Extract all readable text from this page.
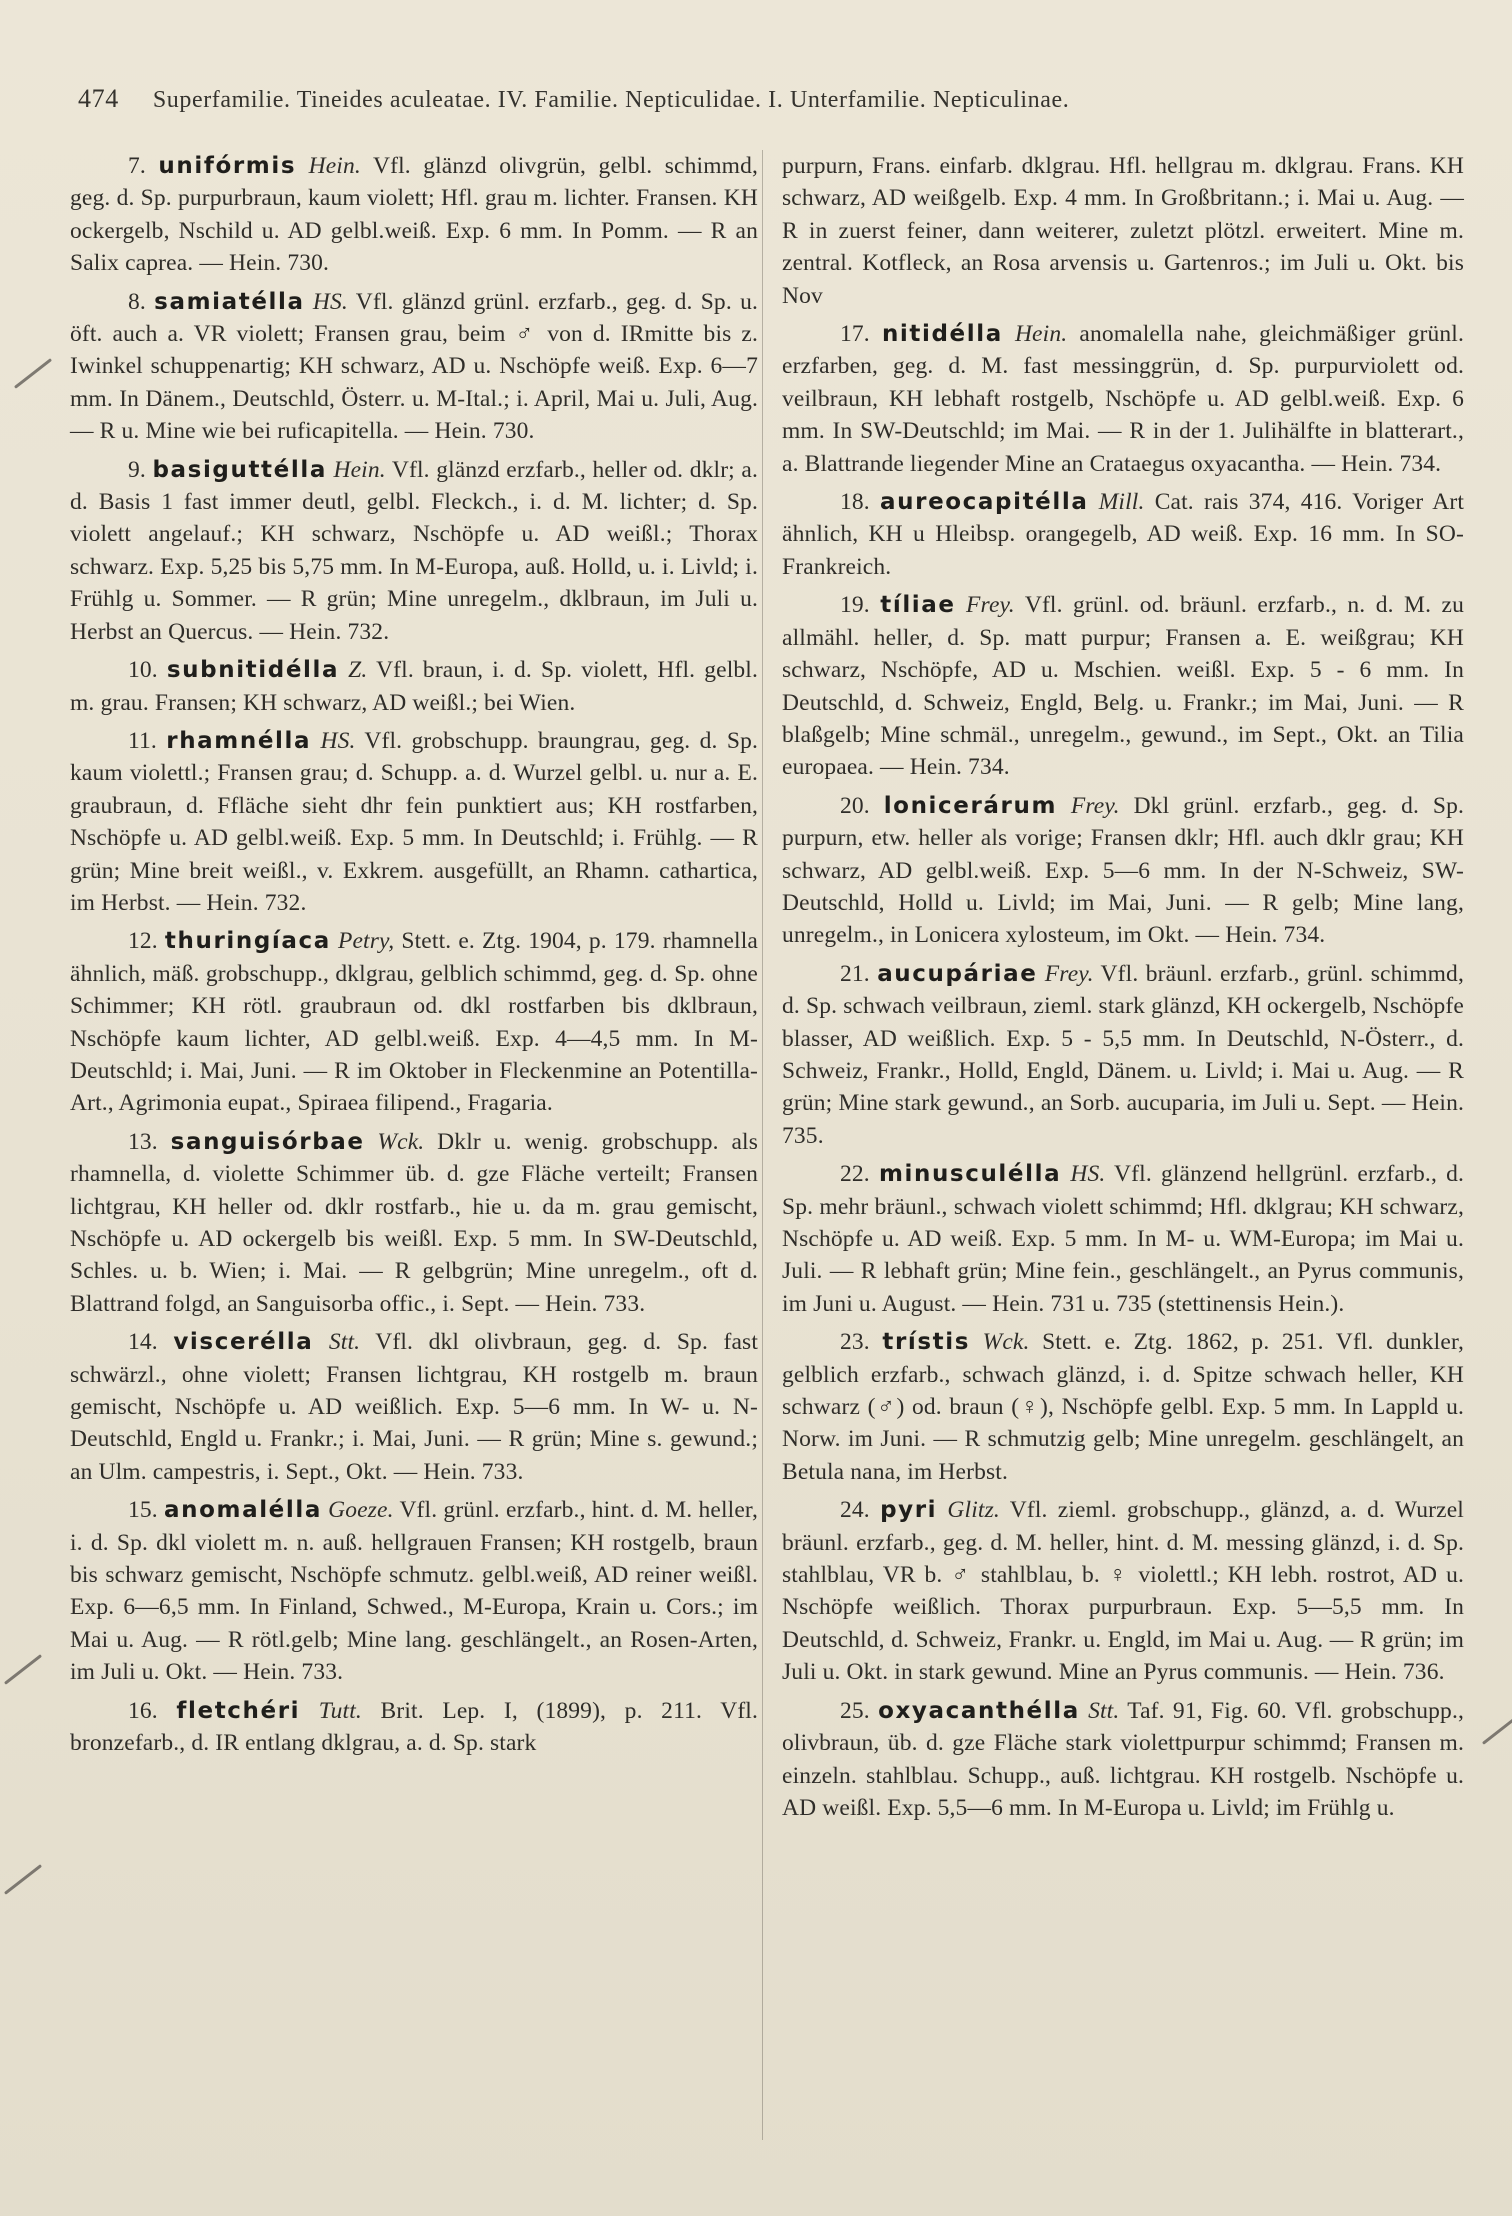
474 Superfamilie. Tineides aculeatae. IV. Familie. Nepticulidae. I. Unterfamilie. Nepticulinae.

7. unifórmis Hein. Vfl. glänzd olivgrün, gelbl. schimmd, geg. d. Sp. purpurbraun, kaum violett; Hfl. grau m. lichter. Fransen. KH ockergelb, Nschild u. AD gelbl.weiß. Exp. 6 mm. In Pomm. — R an Salix caprea. — Hein. 730.

8. samiatélla HS. Vfl. glänzd grünl. erzfarb., geg. d. Sp. u. öft. auch a. VR violett; Fransen grau, beim ♂ von d. IRmitte bis z. Iwinkel schuppenartig; KH schwarz, AD u. Nschöpfe weiß. Exp. 6—7 mm. In Dänem., Deutschld, Österr. u. M-Ital.; i. April, Mai u. Juli, Aug. — R u. Mine wie bei ruficapitella. — Hein. 730.

9. basiguttélla Hein. Vfl. glänzd erzfarb., heller od. dklr; a. d. Basis 1 fast immer deutl, gelbl. Fleckch., i. d. M. lichter; d. Sp. violett angelauf.; KH schwarz, Nschöpfe u. AD weißl.; Thorax schwarz. Exp. 5,25 bis 5,75 mm. In M-Europa, auß. Holld, u. i. Livld; i. Frühlg u. Sommer. — R grün; Mine unregelm., dklbraun, im Juli u. Herbst an Quercus. — Hein. 732.

10. subnitidélla Z. Vfl. braun, i. d. Sp. violett, Hfl. gelbl. m. grau. Fransen; KH schwarz, AD weißl.; bei Wien.

11. rhamnélla HS. Vfl. grobschupp. braungrau, geg. d. Sp. kaum violettl.; Fransen grau; d. Schupp. a. d. Wurzel gelbl. u. nur a. E. graubraun, d. Ffläche sieht dhr fein punktiert aus; KH rostfarben, Nschöpfe u. AD gelbl.weiß. Exp. 5 mm. In Deutschld; i. Frühlg. — R grün; Mine breit weißl., v. Exkrem. ausgefüllt, an Rhamn. cathartica, im Herbst. — Hein. 732.

12. thuringíaca Petry, Stett. e. Ztg. 1904, p. 179. rhamnella ähnlich, mäß. grobschupp., dklgrau, gelblich schimmd, geg. d. Sp. ohne Schimmer; KH rötl. graubraun od. dkl rostfarben bis dklbraun, Nschöpfe kaum lichter, AD gelbl.weiß. Exp. 4—4,5 mm. In M-Deutschld; i. Mai, Juni. — R im Oktober in Fleckenmine an Potentilla-Art., Agrimonia eupat., Spiraea filipend., Fragaria.

13. sanguisórbae Wck. Dklr u. wenig. grobschupp. als rhamnella, d. violette Schimmer üb. d. gze Fläche verteilt; Fransen lichtgrau, KH heller od. dklr rostfarb., hie u. da m. grau gemischt, Nschöpfe u. AD ockergelb bis weißl. Exp. 5 mm. In SW-Deutschld, Schles. u. b. Wien; i. Mai. — R gelbgrün; Mine unregelm., oft d. Blattrand folgd, an Sanguisorba offic., i. Sept. — Hein. 733.

14. viscerélla Stt. Vfl. dkl olivbraun, geg. d. Sp. fast schwärzl., ohne violett; Fransen lichtgrau, KH rostgelb m. braun gemischt, Nschöpfe u. AD weißlich. Exp. 5—6 mm. In W- u. N-Deutschld, Engld u. Frankr.; i. Mai, Juni. — R grün; Mine s. gewund.; an Ulm. campestris, i. Sept., Okt. — Hein. 733.

15. anomalélla Goeze. Vfl. grünl. erzfarb., hint. d. M. heller, i. d. Sp. dkl violett m. n. auß. hellgrauen Fransen; KH rostgelb, braun bis schwarz gemischt, Nschöpfe schmutz. gelbl.weiß, AD reiner weißl. Exp. 6—6,5 mm. In Finland, Schwed., M-Europa, Krain u. Cors.; im Mai u. Aug. — R rötl.gelb; Mine lang. geschlängelt., an Rosen-Arten, im Juli u. Okt. — Hein. 733.

16. fletchéri Tutt. Brit. Lep. I, (1899), p. 211. Vfl. bronzefarb., d. IR entlang dklgrau, a. d. Sp. stark

purpurn, Frans. einfarb. dklgrau. Hfl. hellgrau m. dklgrau. Frans. KH schwarz, AD weißgelb. Exp. 4 mm. In Großbritann.; i. Mai u. Aug. — R in zuerst feiner, dann weiterer, zuletzt plötzl. erweitert. Mine m. zentral. Kotfleck, an Rosa arvensis u. Gartenros.; im Juli u. Okt. bis Nov

17. nitidélla Hein. anomalella nahe, gleichmäßiger grünl. erzfarben, geg. d. M. fast messinggrün, d. Sp. purpurviolett od. veilbraun, KH lebhaft rostgelb, Nschöpfe u. AD gelbl.weiß. Exp. 6 mm. In SW-Deutschld; im Mai. — R in der 1. Julihälfte in blatterart., a. Blattrande liegender Mine an Crataegus oxyacantha. — Hein. 734.

18. aureocapitélla Mill. Cat. rais 374, 416. Voriger Art ähnlich, KH u Hleibsp. orangegelb, AD weiß. Exp. 16 mm. In SO-Frankreich.

19. tíliae Frey. Vfl. grünl. od. bräunl. erzfarb., n. d. M. zu allmähl. heller, d. Sp. matt purpur; Fransen a. E. weißgrau; KH schwarz, Nschöpfe, AD u. Mschien. weißl. Exp. 5 - 6 mm. In Deutschld, d. Schweiz, Engld, Belg. u. Frankr.; im Mai, Juni. — R blaßgelb; Mine schmäl., unregelm., gewund., im Sept., Okt. an Tilia europaea. — Hein. 734.

20. lonicerárum Frey. Dkl grünl. erzfarb., geg. d. Sp. purpurn, etw. heller als vorige; Fransen dklr; Hfl. auch dklr grau; KH schwarz, AD gelbl.weiß. Exp. 5—6 mm. In der N-Schweiz, SW-Deutschld, Holld u. Livld; im Mai, Juni. — R gelb; Mine lang, unregelm., in Lonicera xylosteum, im Okt. — Hein. 734.

21. aucupáriae Frey. Vfl. bräunl. erzfarb., grünl. schimmd, d. Sp. schwach veilbraun, zieml. stark glänzd, KH ockergelb, Nschöpfe blasser, AD weißlich. Exp. 5 - 5,5 mm. In Deutschld, N-Österr., d. Schweiz, Frankr., Holld, Engld, Dänem. u. Livld; i. Mai u. Aug. — R grün; Mine stark gewund., an Sorb. aucuparia, im Juli u. Sept. — Hein. 735.

22. minusculélla HS. Vfl. glänzend hellgrünl. erzfarb., d. Sp. mehr bräunl., schwach violett schimmd; Hfl. dklgrau; KH schwarz, Nschöpfe u. AD weiß. Exp. 5 mm. In M- u. WM-Europa; im Mai u. Juli. — R lebhaft grün; Mine fein., geschlängelt., an Pyrus communis, im Juni u. August. — Hein. 731 u. 735 (stettinensis Hein.).

23. trístis Wck. Stett. e. Ztg. 1862, p. 251. Vfl. dunkler, gelblich erzfarb., schwach glänzd, i. d. Spitze schwach heller, KH schwarz (♂) od. braun (♀), Nschöpfe gelbl. Exp. 5 mm. In Lappld u. Norw. im Juni. — R schmutzig gelb; Mine unregelm. geschlängelt, an Betula nana, im Herbst.

24. pyri Glitz. Vfl. zieml. grobschupp., glänzd, a. d. Wurzel bräunl. erzfarb., geg. d. M. heller, hint. d. M. messing glänzd, i. d. Sp. stahlblau, VR b. ♂ stahlblau, b. ♀ violettl.; KH lebh. rostrot, AD u. Nschöpfe weißlich. Thorax purpurbraun. Exp. 5—5,5 mm. In Deutschld, d. Schweiz, Frankr. u. Engld, im Mai u. Aug. — R grün; im Juli u. Okt. in stark gewund. Mine an Pyrus communis. — Hein. 736.

25. oxyacanthélla Stt. Taf. 91, Fig. 60. Vfl. grobschupp., olivbraun, üb. d. gze Fläche stark violettpurpur schimmd; Fransen m. einzeln. stahlblau. Schupp., auß. lichtgrau. KH rostgelb. Nschöpfe u. AD weißl. Exp. 5,5—6 mm. In M-Europa u. Livld; im Frühlg u.
